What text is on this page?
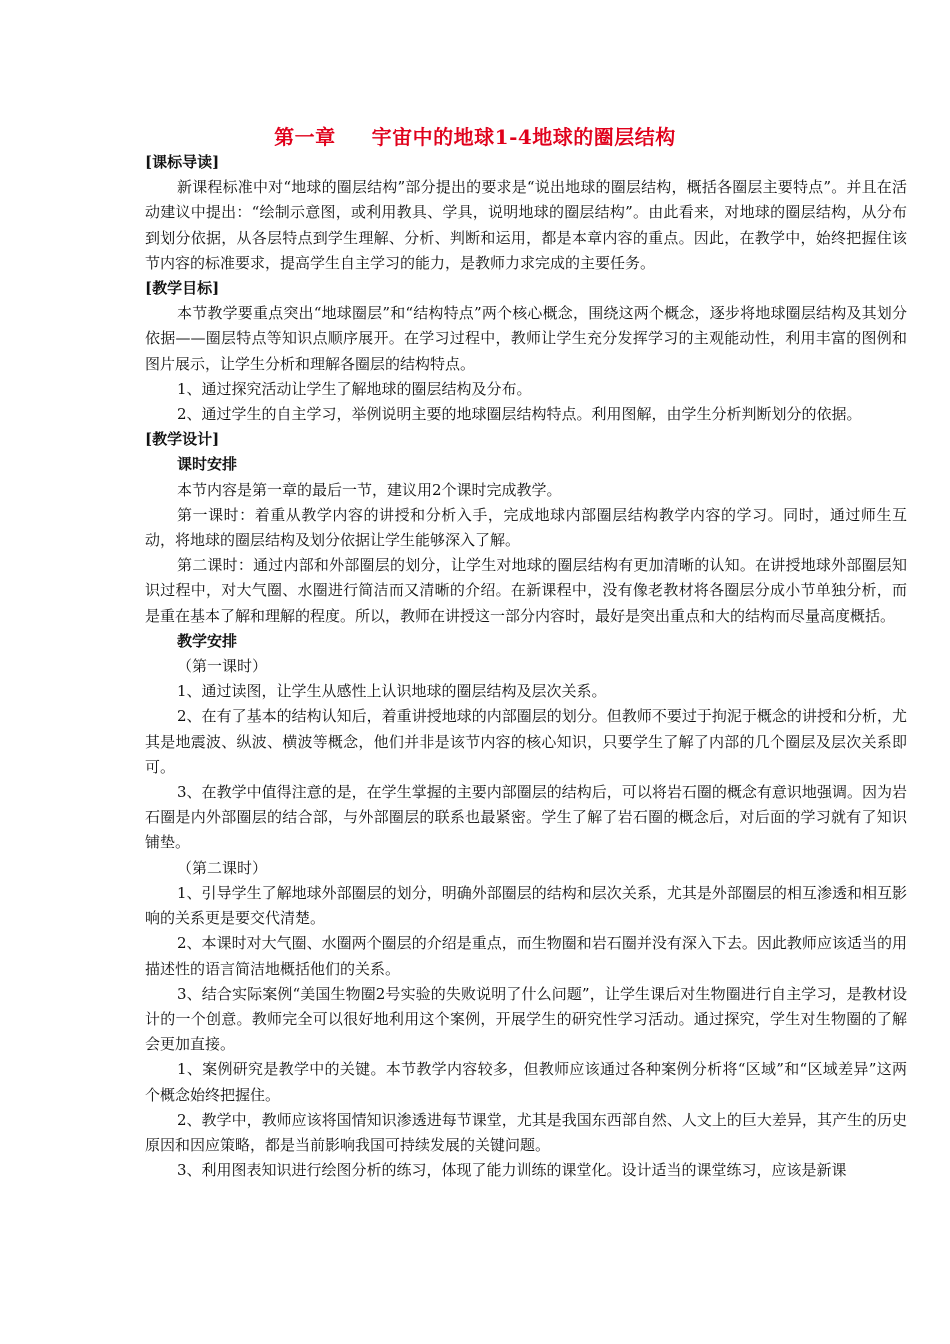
第一章 宇宙中的地球1-4地球的圈层结构

[课标导读]

新课程标准中对“地球的圈层结构”部分提出的要求是“说出地球的圈层结构，概括各圈层主要特点”。并且在活动建议中提出：“绘制示意图，或利用教具、学具，说明地球的圈层结构”。由此看来，对地球的圈层结构，从分布到划分依据，从各层特点到学生理解、分析、判断和运用，都是本章内容的重点。因此，在教学中，始终把握住该节内容的标准要求，提高学生自主学习的能力，是教师力求完成的主要任务。

[教学目标]

本节教学要重点突出“地球圈层”和“结构特点”两个核心概念，围绕这两个概念，逐步将地球圈层结构及其划分依据——圈层特点等知识点顺序展开。在学习过程中，教师让学生充分发挥学习的主观能动性，利用丰富的图例和图片展示，让学生分析和理解各圈层的结构特点。

1、通过探究活动让学生了解地球的圈层结构及分布。

2、通过学生的自主学习，举例说明主要的地球圈层结构特点。利用图解，由学生分析判断划分的依据。

[教学设计]

课时安排

本节内容是第一章的最后一节，建议用2个课时完成教学。

第一课时：着重从教学内容的讲授和分析入手，完成地球内部圈层结构教学内容的学习。同时，通过师生互动，将地球的圈层结构及划分依据让学生能够深入了解。

第二课时：通过内部和外部圈层的划分，让学生对地球的圈层结构有更加清晰的认知。在讲授地球外部圈层知识过程中，对大气圈、水圈进行简洁而又清晰的介绍。在新课程中，没有像老教材将各圈层分成小节单独分析，而是重在基本了解和理解的程度。所以，教师在讲授这一部分内容时，最好是突出重点和大的结构而尽量高度概括。

教学安排

（第一课时）

1、通过读图，让学生从感性上认识地球的圈层结构及层次关系。

2、在有了基本的结构认知后，着重讲授地球的内部圈层的划分。但教师不要过于拘泥于概念的讲授和分析，尤其是地震波、纵波、横波等概念，他们并非是该节内容的核心知识，只要学生了解了内部的几个圈层及层次关系即可。

3、在教学中值得注意的是，在学生掌握的主要内部圈层的结构后，可以将岩石圈的概念有意识地强调。因为岩石圈是内外部圈层的结合部，与外部圈层的联系也最紧密。学生了解了岩石圈的概念后，对后面的学习就有了知识铺垫。

（第二课时）

1、引导学生了解地球外部圈层的划分，明确外部圈层的结构和层次关系，尤其是外部圈层的相互渗透和相互影响的关系更是要交代清楚。

2、本课时对大气圈、水圈两个圈层的介绍是重点，而生物圈和岩石圈并没有深入下去。因此教师应该适当的用描述性的语言简洁地概括他们的关系。

3、结合实际案例“美国生物圈2号实验的失败说明了什么问题”，让学生课后对生物圈进行自主学习，是教材设计的一个创意。教师完全可以很好地利用这个案例，开展学生的研究性学习活动。通过探究，学生对生物圈的了解会更加直接。

1、案例研究是教学中的关键。本节教学内容较多，但教师应该通过各种案例分析将“区域”和“区域差异”这两个概念始终把握住。

2、教学中，教师应该将国情知识渗透进每节课堂，尤其是我国东西部自然、人文上的巨大差异，其产生的历史原因和因应策略，都是当前影响我国可持续发展的关键问题。

3、利用图表知识进行绘图分析的练习，体现了能力训练的课堂化。设计适当的课堂练习，应该是新课
